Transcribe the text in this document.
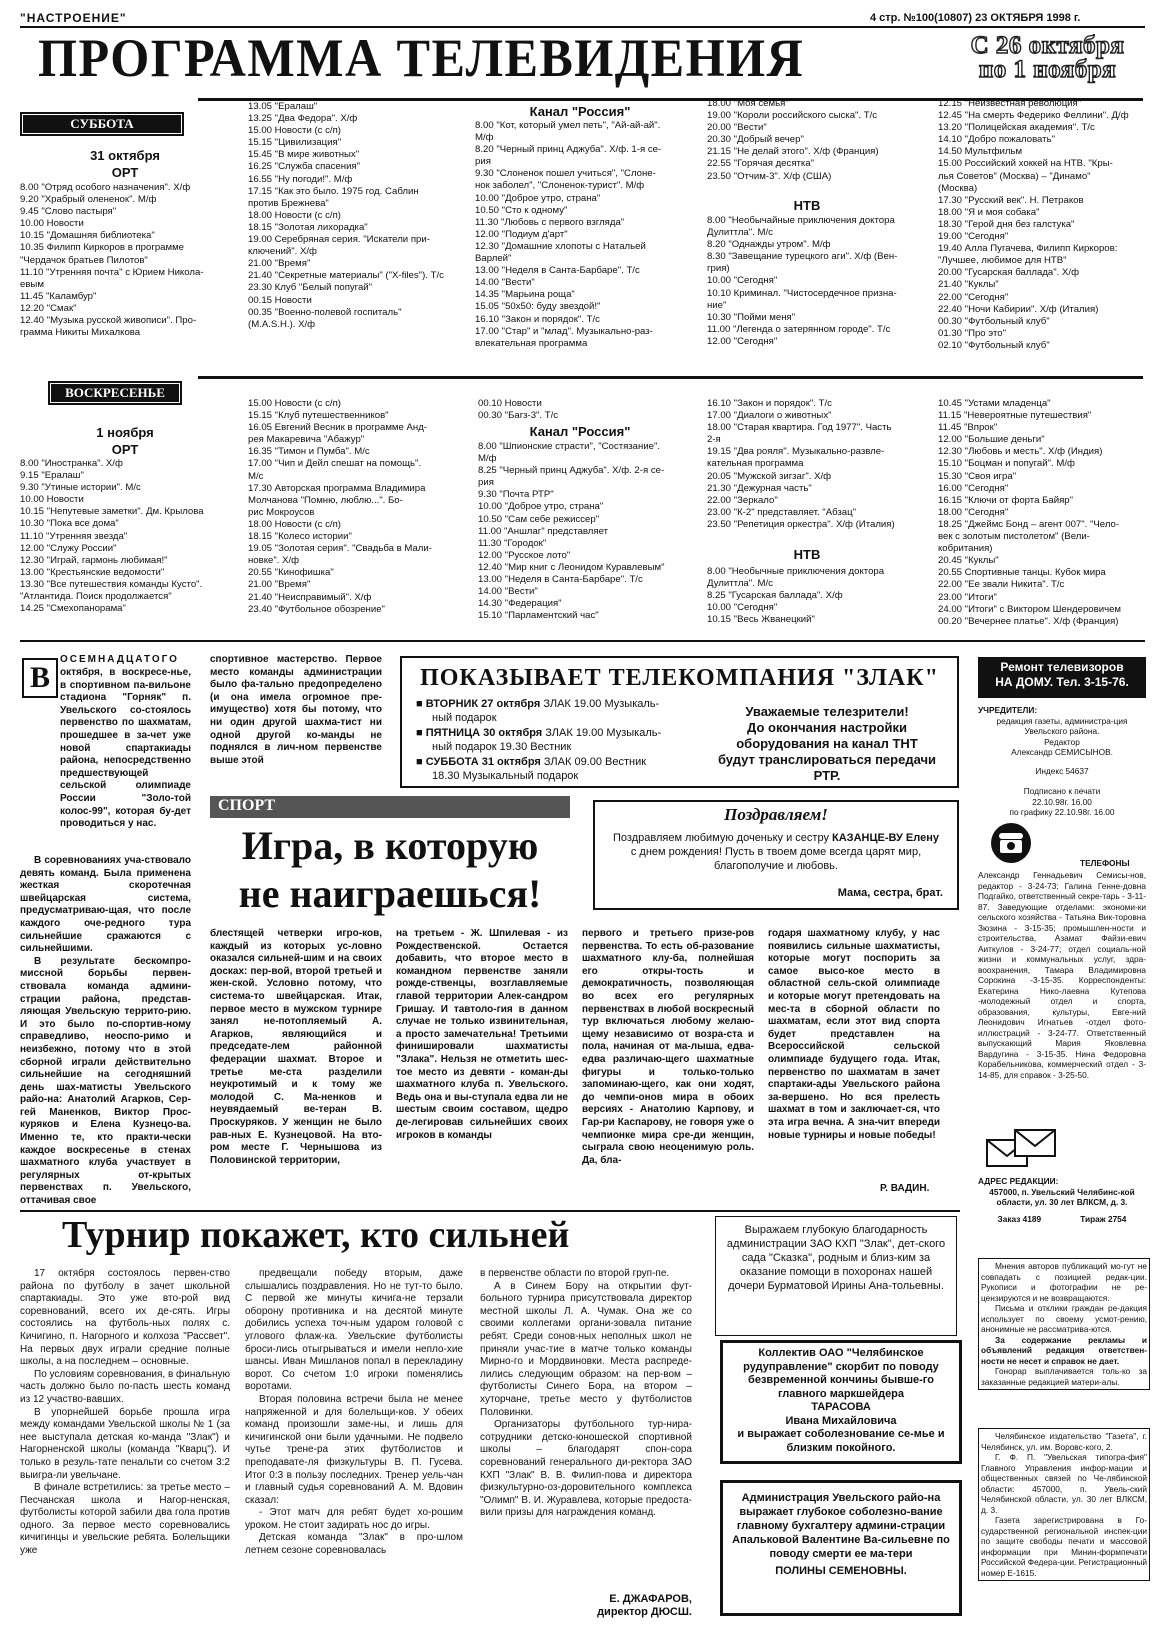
"НАСТРОЕНИЕ"	4 стр. №100(10807) 23 ОКТЯБРЯ 1998 г.
ПРОГРАММА ТЕЛЕВИДЕНИЯ	С 26 октября
по 1 ноября
СУББОТА
31 октября
ОРТ
8.00 "Отряд особого назначения". Х/ф
9.20 "Храбрый олененок". М/ф
9.45 "Слово пастыря"
10.00 Новости
10.15 "Домашняя библиотека"
10.35 Филипп Киркоров в программе
"Чердачок братьев Пилотов"
11.10 "Утренняя почта" с Юрием Никола-
евым
11.45 "Каламбур"
12.20 "Смак"
12.40 "Музыка русской живописи". Про-
грамма Никиты Михалкова
13.05 "Ералаш"
13.25 "Два Федора". Х/ф
15.00 Новости (с с/п)
15.15 "Цивилизация"
15.45 "В мире животных"
16.25 "Служба спасения"
16.55 "Ну погоди!". М/ф
17.15 "Как это было. 1975 год. Саблин
против Брежнева"
18.00 Новости (с с/п)
18.15 "Золотая лихорадка"
19.00 Серебряная серия. "Искатели при-
ключений". Х/ф
21.00 "Время"
21.40 "Секретные материалы" ("X-files"). Т/с
23.30 Клуб "Белый попугай"
00.15 Новости
00.35 "Военно-полевой госпиталь"
(M.A.S.H.). Х/ф
Канал "Россия"
8.00 "Кот, который умел петь", "Ай-ай-ай".
М/ф
8.20 "Черный принц Аджуба". Х/ф. 1-я се-
рия
9.30 "Слоненок пошел учиться", "Слоне-
нок заболел", "Слоненок-турист". М/ф
10.00 "Доброе утро, страна"
10.50 "Сто к одному"
11.30 "Любовь с первого взгляда"
12.00 "Подиум д'арт"
12.30 "Домашние хлопоты с Натальей
Варлей"
13.00 "Неделя в Санта-Барбаре". Т/с
14.00 "Вести"
14.35 "Марьина роща"
15.05 "50х50: буду звездой!"
16.10 "Закон и порядок". Т/с
17.00 "Стар" и "млад". Музыкально-раз-
влекательная программа
18.00 "Моя семья"
19.00 "Короли российского сыска". Т/с
20.00 "Вести"
20.30 "Добрый вечер"
21.15 "Не делай этого". Х/ф (Франция)
22.55 "Горячая десятка"
23.50 "Отчим-3". Х/ф (США)
НТВ
8.00 "Необычайные приключения доктора
Дулиттла". М/с
8.20 "Однажды утром". М/ф
8.30 "Завещание турецкого аги". Х/ф (Вен-
грия)
10.00 "Сегодня"
10.10 Криминал. "Чистосердечное призна-
ние"
10.30 "Пойми меня"
11.00 "Легенда о затерянном городе". Т/с
12.00 "Сегодня"
12.15 "Неизвестная революция"
12.45 "На смерть Федерико Феллини". Д/ф
13.20 "Полицейская академия". Т/с
14.10 "Добро пожаловать"
14.50 Мультфильм
15.00 Российский хоккей на НТВ. "Кры-
лья Советов" (Москва) – "Динамо"
(Москва)
17.30 "Русский век". Н. Петраков
18.00 "Я и моя собака"
18.30 "Герой дня без галстука"
19.00 "Сегодня"
19.40 Алла Пугачева, Филипп Киркоров:
"Лучшее, любимое для НТВ"
20.00 "Гусарская баллада". Х/ф
21.40 "Куклы"
22.00 "Сегодня"
22.40 "Ночи Кабирии". Х/ф (Италия)
00.30 "Футбольный клуб"
01.30 "Про это"
02.10 "Футбольный клуб"
ВОСКРЕСЕНЬЕ
1 ноября
ОРТ
8.00 "Иностранка". Х/ф
9.15 "Ералаш"
9.30 "Утиные истории". М/с
10.00 Новости
10.15 "Непутевые заметки". Дм. Крылова
10.30 "Пока все дома"
11.10 "Утренняя звезда"
12.00 "Служу России"
12.30 "Играй, гармонь любимая!"
13.00 "Крестьянские ведомости"
13.30 "Все путешествия команды Кусто".
"Атлантида. Поиск продолжается"
14.25 "Смехопанорама"
15.00 Новости (с с/п)
15.15 "Клуб путешественников"
16.05 Евгений Весник в программе Анд-
рея Макаревича "Абажур"
16.35 "Тимон и Пумба". М/с
17.00 "Чип и Дейл спешат на помощь".
М/с
17.30 Авторская программа Владимира
Молчанова "Помню, люблю...". Бо-
рис Мокроусов
18.00 Новости (с с/п)
18.15 "Колесо истории"
19.05 "Золотая серия". "Свадьба в Мали-
новке". Х/ф
20.55 "Кинофишка"
21.00 "Время"
21.40 "Неисправимый". Х/ф
23.40 "Футбольное обозрение"
00.10 Новости
00.30 "Багз-3". Т/с
Канал "Россия"
8.00 "Шпионские страсти", "Состязание".
М/ф
8.25 "Черный принц Аджуба". Х/ф. 2-я се-
рия
9.30 "Почта РТР"
10.00 "Доброе утро, страна"
10.50 "Сам себе режиссер"
11.00 "Аншлаг" представляет
11.30 "Городок"
12.00 "Русское лото"
12.40 "Мир книг с Леонидом Куравлевым"
13.00 "Неделя в Санта-Барбаре". Т/с
14.00 "Вести"
14.30 "Федерация"
15.10 "Парламентский час"
16.10 "Закон и порядок". Т/с
17.00 "Диалоги о животных"
18.00 "Старая квартира. Год 1977". Часть
2-я
19.15 "Два рояля". Музыкально-развле-
кательная программа
20.05 "Мужской зигзаг". Х/ф
21.30 "Дежурная часть"
22.00 "Зеркало"
23.00 "К-2" представляет. "Абзац"
23.50 "Репетиция оркестра". Х/ф (Италия)
НТВ
8.00 "Необычные приключения доктора
Дулиттла". М/с
8.25 "Гусарская баллада". Х/ф
10.00 "Сегодня"
10.15 "Весь Жванецкий"
10.45 "Устами младенца"
11.15 "Невероятные путешествия"
11.45 "Впрок"
12.00 "Большие деньги"
12.30 "Любовь и месть". Х/ф (Индия)
15.10 "Боцман и попугай". М/ф
15.30 "Своя игра"
16.00 "Сегодня"
16.15 "Ключи от форта Байяр"
18.00 "Сегодня"
18.25 "Джеймс Бонд – агент 007". "Чело-
век с золотым пистолетом" (Вели-
кобритания)
20.45 "Куклы"
20.55 Спортивные танцы. Кубок мира
22.00 "Ее звали Никита". Т/с
23.00 "Итоги"
24.00 "Итоги" с Виктором Шендеровичем
00.20 "Вечернее платье". Х/ф (Франция)
В
ОСЕМНАДЦАТОГО
октября, в воскресе-нье, в спортивном па-вильоне стадиона "Горняк" п. Увельского со-стоялось первенство по шахматам, прошедшее в за-чет уже новой спартакиады района, непосредственно предшествующей сельской олимпиаде России "Золо-той колос-99", которая бу-дет проводиться у нас.

В соревнованиях уча-ствовало девять команд. Была применена жесткая скоротечная швейцарская система, предусматриваю-щая, что после каждого оче-редного тура сильнейшие сражаются с сильнейшими.

В результате бескомпро-миссной борьбы первен-ствовала команда админи-страции района, представ-ляющая Увельскую террито-рию. И это было по-спортив-ному справедливо, неоспо-римо и неизбежно, потому что в этой сборной играли действительно сильнейшие на сегодняшний день шах-матисты Увельского райо-на: Анатолий Агарков, Сер-гей Маненков, Виктор Прос-куряков и Елена Кузнецо-ва. Именно те, кто практи-чески каждое воскресенье в стенах шахматного клуба участвует в регулярных от-крытых первенствах п. Увельского, оттачивая свое

спортивное мастерство. Первое место команды администрации было фа-тально предопределено (и она имела огромное пре-имущество) хотя бы потому, что ни один другой шахма-тист ни одной другой ко-манды не поднялся в лич-ном первенстве выше этой
СПОРТ
Игра, в которую
не наиграешься!
блестящей четверки игро-ков, каждый из которых ус-ловно оказался сильней-шим и на своих досках: пер-вой, второй третьей и жен-ской. Условно потому, что система-то швейцарская. Итак, первое место в мужском турнире занял не-потопляемый А. Агарков, являющийся и председате-лем районной федерации шахмат. Второе и третье ме-ста разделили неукротимый и к тому же молодой С. Ма-ненков и неувядаемый ве-теран В. Проскуряков. У женщин не было рав-ных Е. Кузнецовой. На вто-ром месте Г. Чернышова из Половинской территории,
на третьем - Ж. Шпилевая - из Рождественской. Остается добавить, что второе место в командном первенстве заняли рожде-ственцы, возглавляемые главой территории Алек-сандром Гришау. И тавтоло-гия в данном случае не только извинительная, а просто замечательна! Третьими финишировали шахматисты "Злака". Нельзя не отметить шес-тое место из девяти - коман-ды шахматного клуба п. Увельского. Ведь она и вы-ступала едва ли не шестым своим составом, щедро де-легировав сильнейших своих игроков в команды
первого и третьего призе-ров первенства. То есть об-разование шахматного клу-ба, полнейшая его откры-тость и демократичность, позволяющая во всех его регулярных первенствах в любой воскресный тур включаться любому желаю-щему независимо от возра-ста и пола, начиная от ма-лыша, едва-едва различаю-щего шахматные фигуры и только-только запоминаю-щего, как они ходят, до чемпи-онов мира в обоих версиях - Анатолию Карпову, и Гар-ри Каспарову, не говоря уже о чемпионке мира сре-ди женщин, сыграла свою неоценимую роль. Да, бла-
годаря шахматному клубу, у нас появились сильные шахматисты, которые могут поспорить за самое высо-кое место в областной сель-ской олимпиаде и которые могут претендовать на мес-та в сборной области по шахматам, если этот вид спорта будет представлен на Всероссийской сельской олимпиаде будущего года. Итак, первенство по шахматам в зачет спартаки-ады Увельского района за-вершено. Но вся прелесть шахмат в том и заключает-ся, что эта игра вечна. А зна-чит впереди новые турниры и новые победы!
Р. ВАДИН.
ПОКАЗЫВАЕТ ТЕЛЕКОМПАНИЯ "ЗЛАК"
■ ВТОРНИК 27 октября ЗЛАК 19.00 Музыкаль-
ный подарок
■ ПЯТНИЦА 30 октября ЗЛАК 19.00 Музыкаль-
ный подарок 19.30 Вестник
■ СУББОТА 31 октября ЗЛАК 09.00 Вестник
18.30 Музыкальный подарок
Уважаемые телезрители!
До окончания настройки
оборудования на канал ТНТ
будут транслироваться передачи
РТР.
Ремонт телевизоров
НА ДОМУ. Тел. 3-15-76.
Поздравляем!
Поздравляем любимую доченьку и сестру КАЗАНЦЕ-ВУ Елену с днем рождения! Пусть в твоем доме всегда царят мир, благополучие и любовь.
Мама, сестра, брат.
Турнир покажет, кто сильней

17 октября состоялось первен-ство района по футболу в зачет школьной спартакиады. Это уже вто-рой вид соревнований, всего их де-сять. Игры состоялись на футболь-ных полях с. Кичигино, п. Нагорного и колхоза "Рассвет". На первых двух играли средние полные школы, а на последнем – основные.

По условиям соревнования, в финальную часть должно было по-пасть шесть команд из 12 участво-вавших.

В упорнейшей борьбе прошла игра между командами Увельской школы № 1 (за нее выступала детская ко-манда "Злак") и Нагорненской школы (команда "Кварц"). И только в резуль-тате пенальти со счетом 3:2 выигра-ли увельчане.

В финале встретились: за третье место –Песчанская школа и Нагор-ненская, футболисты которой забили два гола против одного. За первое место соревновались кичигинцы и увельские ребята. Болельщики уже

предвещали победу вторым, даже слышались поздравления. Но не тут-то было. С первой же минуты кичига-не терзали оборону противника и на десятой минуте добились успеха точ-ным ударом головой с углового флаж-ка. Увельские футболисты броси-лись отыгрываться и имели непло-хие шансы. Иван Мишланов попал в перекладину ворот. Со счетом 1:0 игроки поменялись воротами.

Вторая половина встречи была не менее напряженной и для болельщи-ков. У обеих команд произошли заме-ны, и лишь для кичигинской они были удачными. Не подвело чутье трене-ра этих футболистов и преподавате-ля физкультуры В. П. Гусева. Итог 0:3 в пользу последних. Тренер уель-чан и главный судья соревнований А. М. Вдовин сказал:

- Этот матч для ребят будет хо-рошим уроком. Не стоит задирать нос до игры.

Детская команда "Злак" в про-шлом летнем сезоне соревновалась

в первенстве области по второй груп-пе.

А в Синем Бору на открытии фут-больного турнира присутствовала директор местной школы Л. А. Чумак. Она же со своими коллегами органи-зовала питание ребят. Среди сонов-ных неполных школ не приняли учас-тие в матче только команды Мирно-го и Мордвиновки. Места распреде-лились следующим образом: на пер-вом – футболисты Синего Бора, на втором – хуторчане, третье место у футболистов Половинки.

Организаторы футбольного тур-нира-сотрудники детско-юношеской спортивной школы – благодарят спон-сора соревнований генерального ди-ректора ЗАО КХП "Злак" В. В. Филип-пова и директора физкультурно-оз-доровительного комплекса "Олимп" В. И. Журавлева, которые предоста-вили призы для награждения команд.

Е. ДЖАФАРОВ,
директор ДЮСШ.
Выражаем глубокую благодарность администрации ЗАО КХП "Злак", дет-ского сада "Сказка", родным и близ-ким за оказание помощи в похоронах нашей дочери Бурматовой Ирины Ана-тольевны.
Коллектив ОАО "Челябинское рудуправление" скорбит по поводу безвременной кончины бывше-го главного маркшейдера
ТАРАСОВА
Ивана Михайловича
и выражает соболезнование се-мье и близким покойного.
Администрация Увельского райо-на выражает глубокое соболезно-вание главному бухгалтеру админи-страции Апальковой Валентине Ва-сильевне по поводу смерти ее ма-тери
ПОЛИНЫ СЕМЕНОВНЫ.
УЧРЕДИТЕЛИ:
редакция газеты, администра-ция Увельского района.
Редактор
Александр СЕМИСЫНОВ.
Индекс 54637
Подписано к печати
22.10.98г. 16.00
по графику 22.10.98г. 16.00
ТЕЛЕФОНЫ
Александр Геннадьевич Семисы-нов, редактор - 3-24-73; Галина Генне-довна Подгайко, ответственный секре-тарь - 3-11-87. Заведующие отделами: экономи-ки сельского хозяйства - Татьяна Вик-торовна Зюзина - 3-15-35; промышлен-ности и строительства, Азамат Файзи-евич Аиткулов - 3-24-77; отдел социаль-ной жизни и коммунальных услуг, здра-воохранения, Тамара Владимировна Сорокина -3-15-35. Корреспонденты: Екатерина Нико-лаевна Кутепова -молодежный отдел и спорта, образования, культуры, Евге-ний Леонидович Игнатьев -отдел фото-иллюстраций - 3-24-77. Ответственный выпускающий Мария Яковлевна Вардугина - 3-15-35. Нина Федоровна Корабельникова, коммерческий отдел - 3-14-85, для справок - 3-25-50.
АДРЕС РЕДАКЦИИ:
457000, п. Увельский Челябинс-кой области, ул. 30 лет ВЛКСМ, д. 3.
Заказ 4189	Тираж 2754

Мнения авторов публикаций мо-гут не совпадать с позицией редак-ции. Рукописи и фотографии не ре-цензируются и не возвращаются.

Письма и отклики граждан ре-дакция использует по своему усмот-рению, анонимные не рассматрива-ются.

За содержание рекламы и объявлений редакция ответствен-ности не несет и справок не дает.

Гонорар выплачивается толь-ко за заказанные редакцией матери-алы.

Челябинское издательство "Газета", г. Челябинск, ул. им. Воровс-кого, 2.

Г. Ф. П. "Увельская типогра-фия" Главного Управления инфор-мации и общественных связей по Че-лябинской области: 457000, п. Увель-ский Челябинской области, ул. 30 лет ВЛКСМ, д. 3.

Газета зарегистрирована в Го-сударственной региональной инспек-ции по защите свободы печати и массовой информации при Минин-формпечати Российской Федера-ции. Регистрационный номер Е-1615.
